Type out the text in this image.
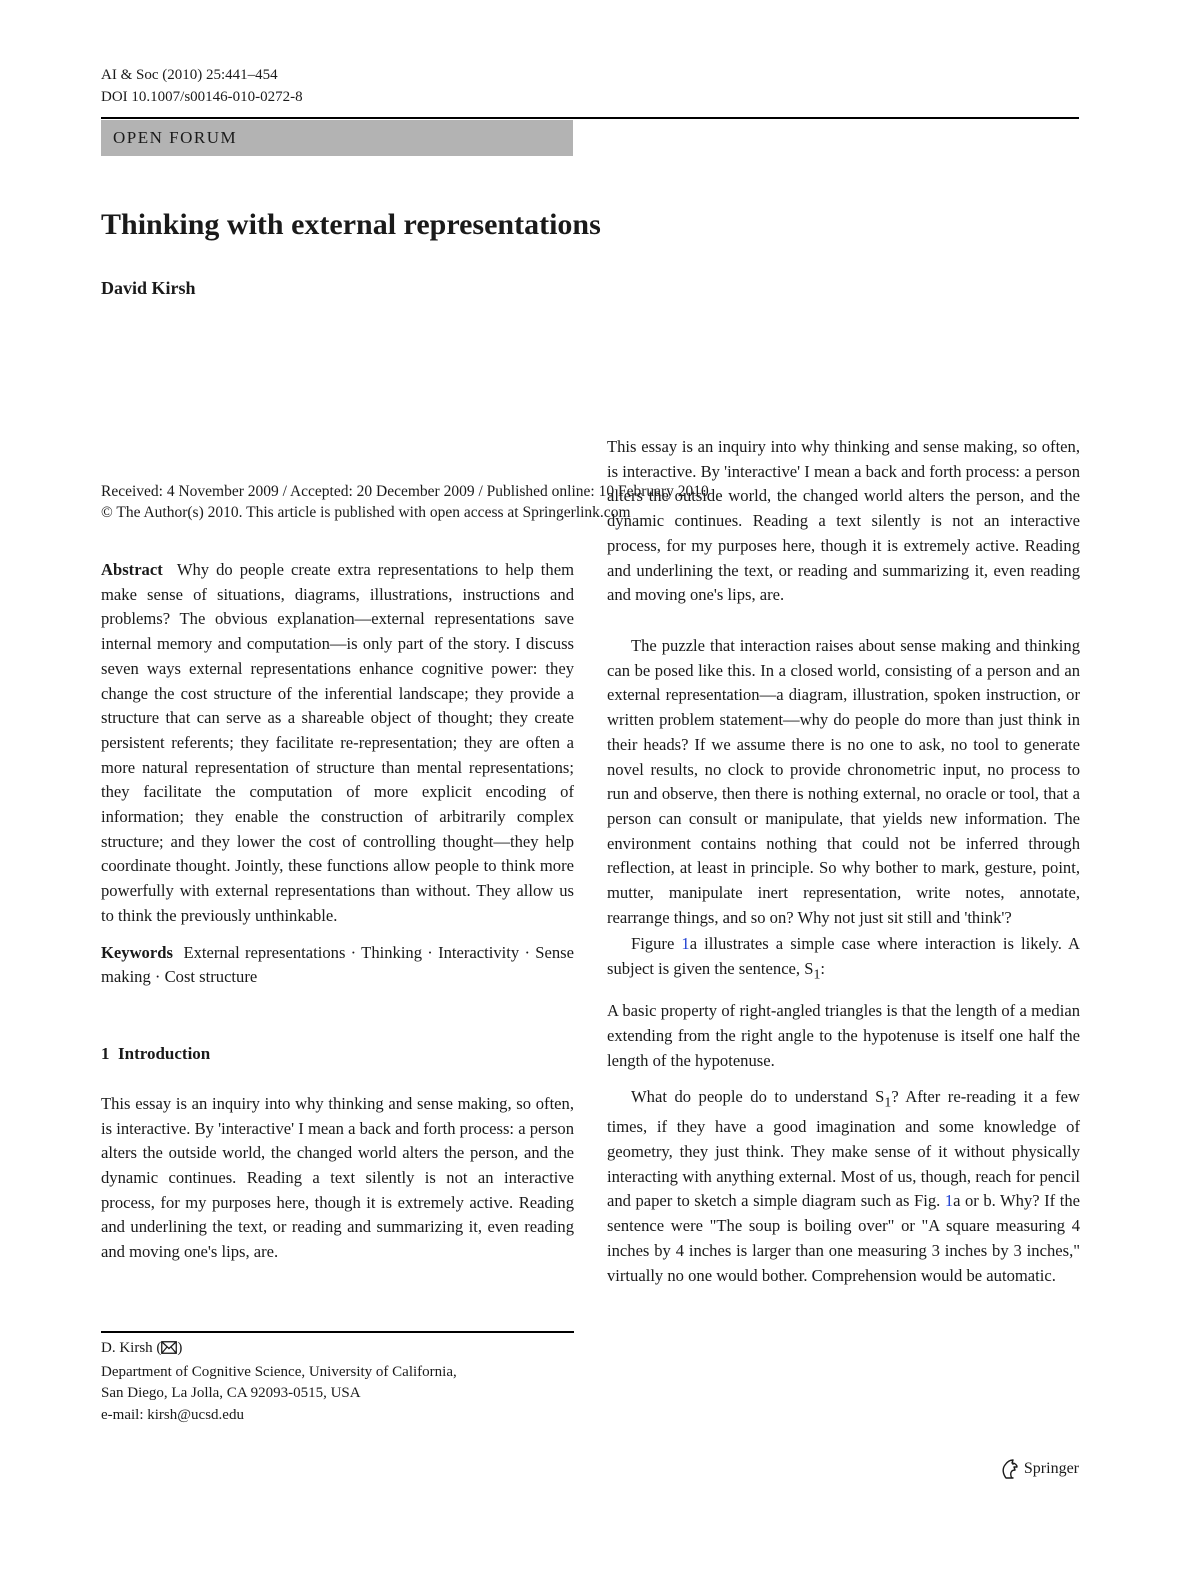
AI & Soc (2010) 25:441–454
DOI 10.1007/s00146-010-0272-8
OPEN FORUM
Thinking with external representations
David Kirsh
Received: 4 November 2009 / Accepted: 20 December 2009 / Published online: 10 February 2010
© The Author(s) 2010. This article is published with open access at Springerlink.com

Abstract Why do people create extra representations to help them make sense of situations, diagrams, illustrations, instructions and problems? The obvious explanation—external representations save internal memory and computation—is only part of the story. I discuss seven ways external representations enhance cognitive power: they change the cost structure of the inferential landscape; they provide a structure that can serve as a shareable object of thought; they create persistent referents; they facilitate re-representation; they are often a more natural representation of structure than mental representations; they facilitate the computation of more explicit encoding of information; they enable the construction of arbitrarily complex structure; and they lower the cost of controlling thought—they help coordinate thought. Jointly, these functions allow people to think more powerfully with external representations than without. They allow us to think the previously unthinkable.

Keywords External representations · Thinking · Interactivity · Sense making · Cost structure

1 Introduction

This essay is an inquiry into why thinking and sense making, so often, is interactive. By 'interactive' I mean a back and forth process: a person alters the outside world, the changed world alters the person, and the dynamic continues. Reading a text silently is not an interactive process, for my purposes here, though it is extremely active. Reading and underlining the text, or reading and summarizing it, even reading and moving one's lips, are.

This essay is an inquiry into why thinking and sense making, so often, is interactive. By 'interactive' I mean a back and forth process: a person alters the outside world, the changed world alters the person, and the dynamic continues. Reading a text silently is not an interactive process, for my purposes here, though it is extremely active. Reading and underlining the text, or reading and summarizing it, even reading and moving one's lips, are.

The puzzle that interaction raises about sense making and thinking can be posed like this. In a closed world, consisting of a person and an external representation—a diagram, illustration, spoken instruction, or written problem statement—why do people do more than just think in their heads? If we assume there is no one to ask, no tool to generate novel results, no clock to provide chronometric input, no process to run and observe, then there is nothing external, no oracle or tool, that a person can consult or manipulate, that yields new information. The environment contains nothing that could not be inferred through reflection, at least in principle. So why bother to mark, gesture, point, mutter, manipulate inert representation, write notes, annotate, rearrange things, and so on? Why not just sit still and 'think'?

Figure 1a illustrates a simple case where interaction is likely. A subject is given the sentence, $S_1$:

A basic property of right-angled triangles is that the length of a median extending from the right angle to the hypotenuse is itself one half the length of the hypotenuse.

What do people do to understand $S_1$? After re-reading it a few times, if they have a good imagination and some knowledge of geometry, they just think. They make sense of it without physically interacting with anything external. Most of us, though, reach for pencil and paper to sketch a simple diagram such as Fig. 1a or b. Why? If the sentence were "The soup is boiling over" or "A square measuring 4 inches by 4 inches is larger than one measuring 3 inches by 3 inches," virtually no one would bother. Comprehension would be automatic.

D. Kirsh ( )
Department of Cognitive Science, University of California,
San Diego, La Jolla, CA 92093-0515, USA
e-mail: kirsh@ucsd.edu
Springer
